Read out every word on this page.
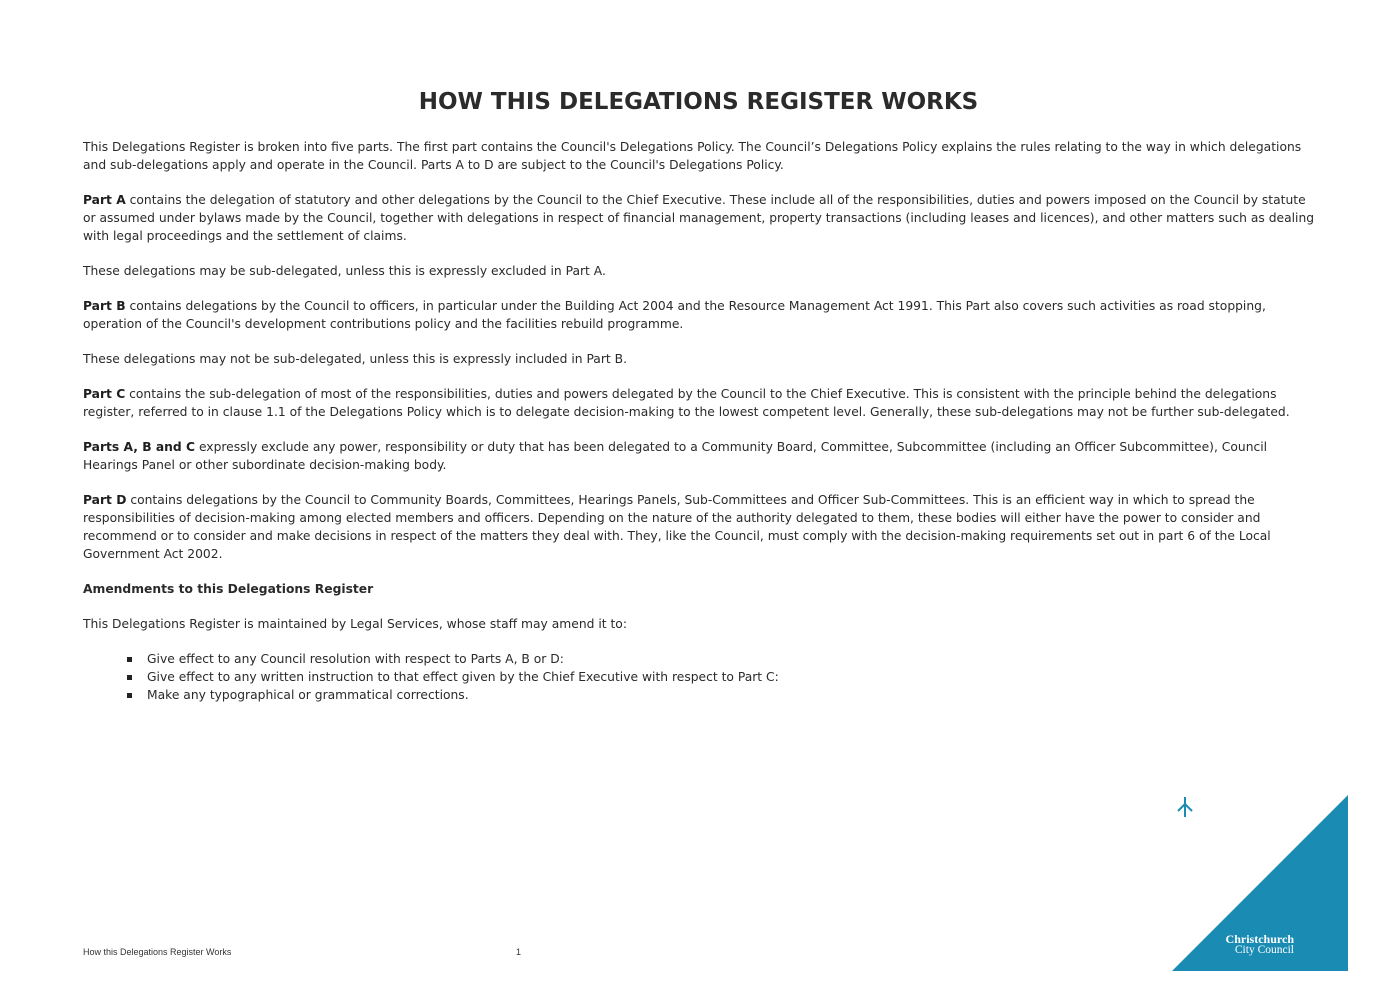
HOW THIS DELEGATIONS REGISTER WORKS

This Delegations Register is broken into five parts. The first part contains the Council's Delegations Policy. The Council’s Delegations Policy explains the rules relating to the way in which delegations and sub-delegations apply and operate in the Council. Parts A to D are subject to the Council's Delegations Policy.

Part A contains the delegation of statutory and other delegations by the Council to the Chief Executive. These include all of the responsibilities, duties and powers imposed on the Council by statute or assumed under bylaws made by the Council, together with delegations in respect of financial management, property transactions (including leases and licences), and other matters such as dealing with legal proceedings and the settlement of claims.

These delegations may be sub-delegated, unless this is expressly excluded in Part A.

Part B contains delegations by the Council to officers, in particular under the Building Act 2004 and the Resource Management Act 1991. This Part also covers such activities as road stopping, operation of the Council's development contributions policy and the facilities rebuild programme.

These delegations may not be sub-delegated, unless this is expressly included in Part B.

Part C contains the sub-delegation of most of the responsibilities, duties and powers delegated by the Council to the Chief Executive. This is consistent with the principle behind the delegations register, referred to in clause 1.1 of the Delegations Policy which is to delegate decision-making to the lowest competent level. Generally, these sub-delegations may not be further sub-delegated.

Parts A, B and C expressly exclude any power, responsibility or duty that has been delegated to a Community Board, Committee, Subcommittee (including an Officer Subcommittee), Council Hearings Panel or other subordinate decision-making body.

Part D contains delegations by the Council to Community Boards, Committees, Hearings Panels, Sub-Committees and Officer Sub-Committees. This is an efficient way in which to spread the responsibilities of decision-making among elected members and officers. Depending on the nature of the authority delegated to them, these bodies will either have the power to consider and recommend or to consider and make decisions in respect of the matters they deal with. They, like the Council, must comply with the decision-making requirements set out in part 6 of the Local Government Act 2002.

Amendments to this Delegations Register

This Delegations Register is maintained by Legal Services, whose staff may amend it to:

Give effect to any Council resolution with respect to Parts A, B or D:
Give effect to any written instruction to that effect given by the Chief Executive with respect to Part C:
Make any typographical or grammatical corrections.
How this Delegations Register Works	1
Christchurch
City Council
